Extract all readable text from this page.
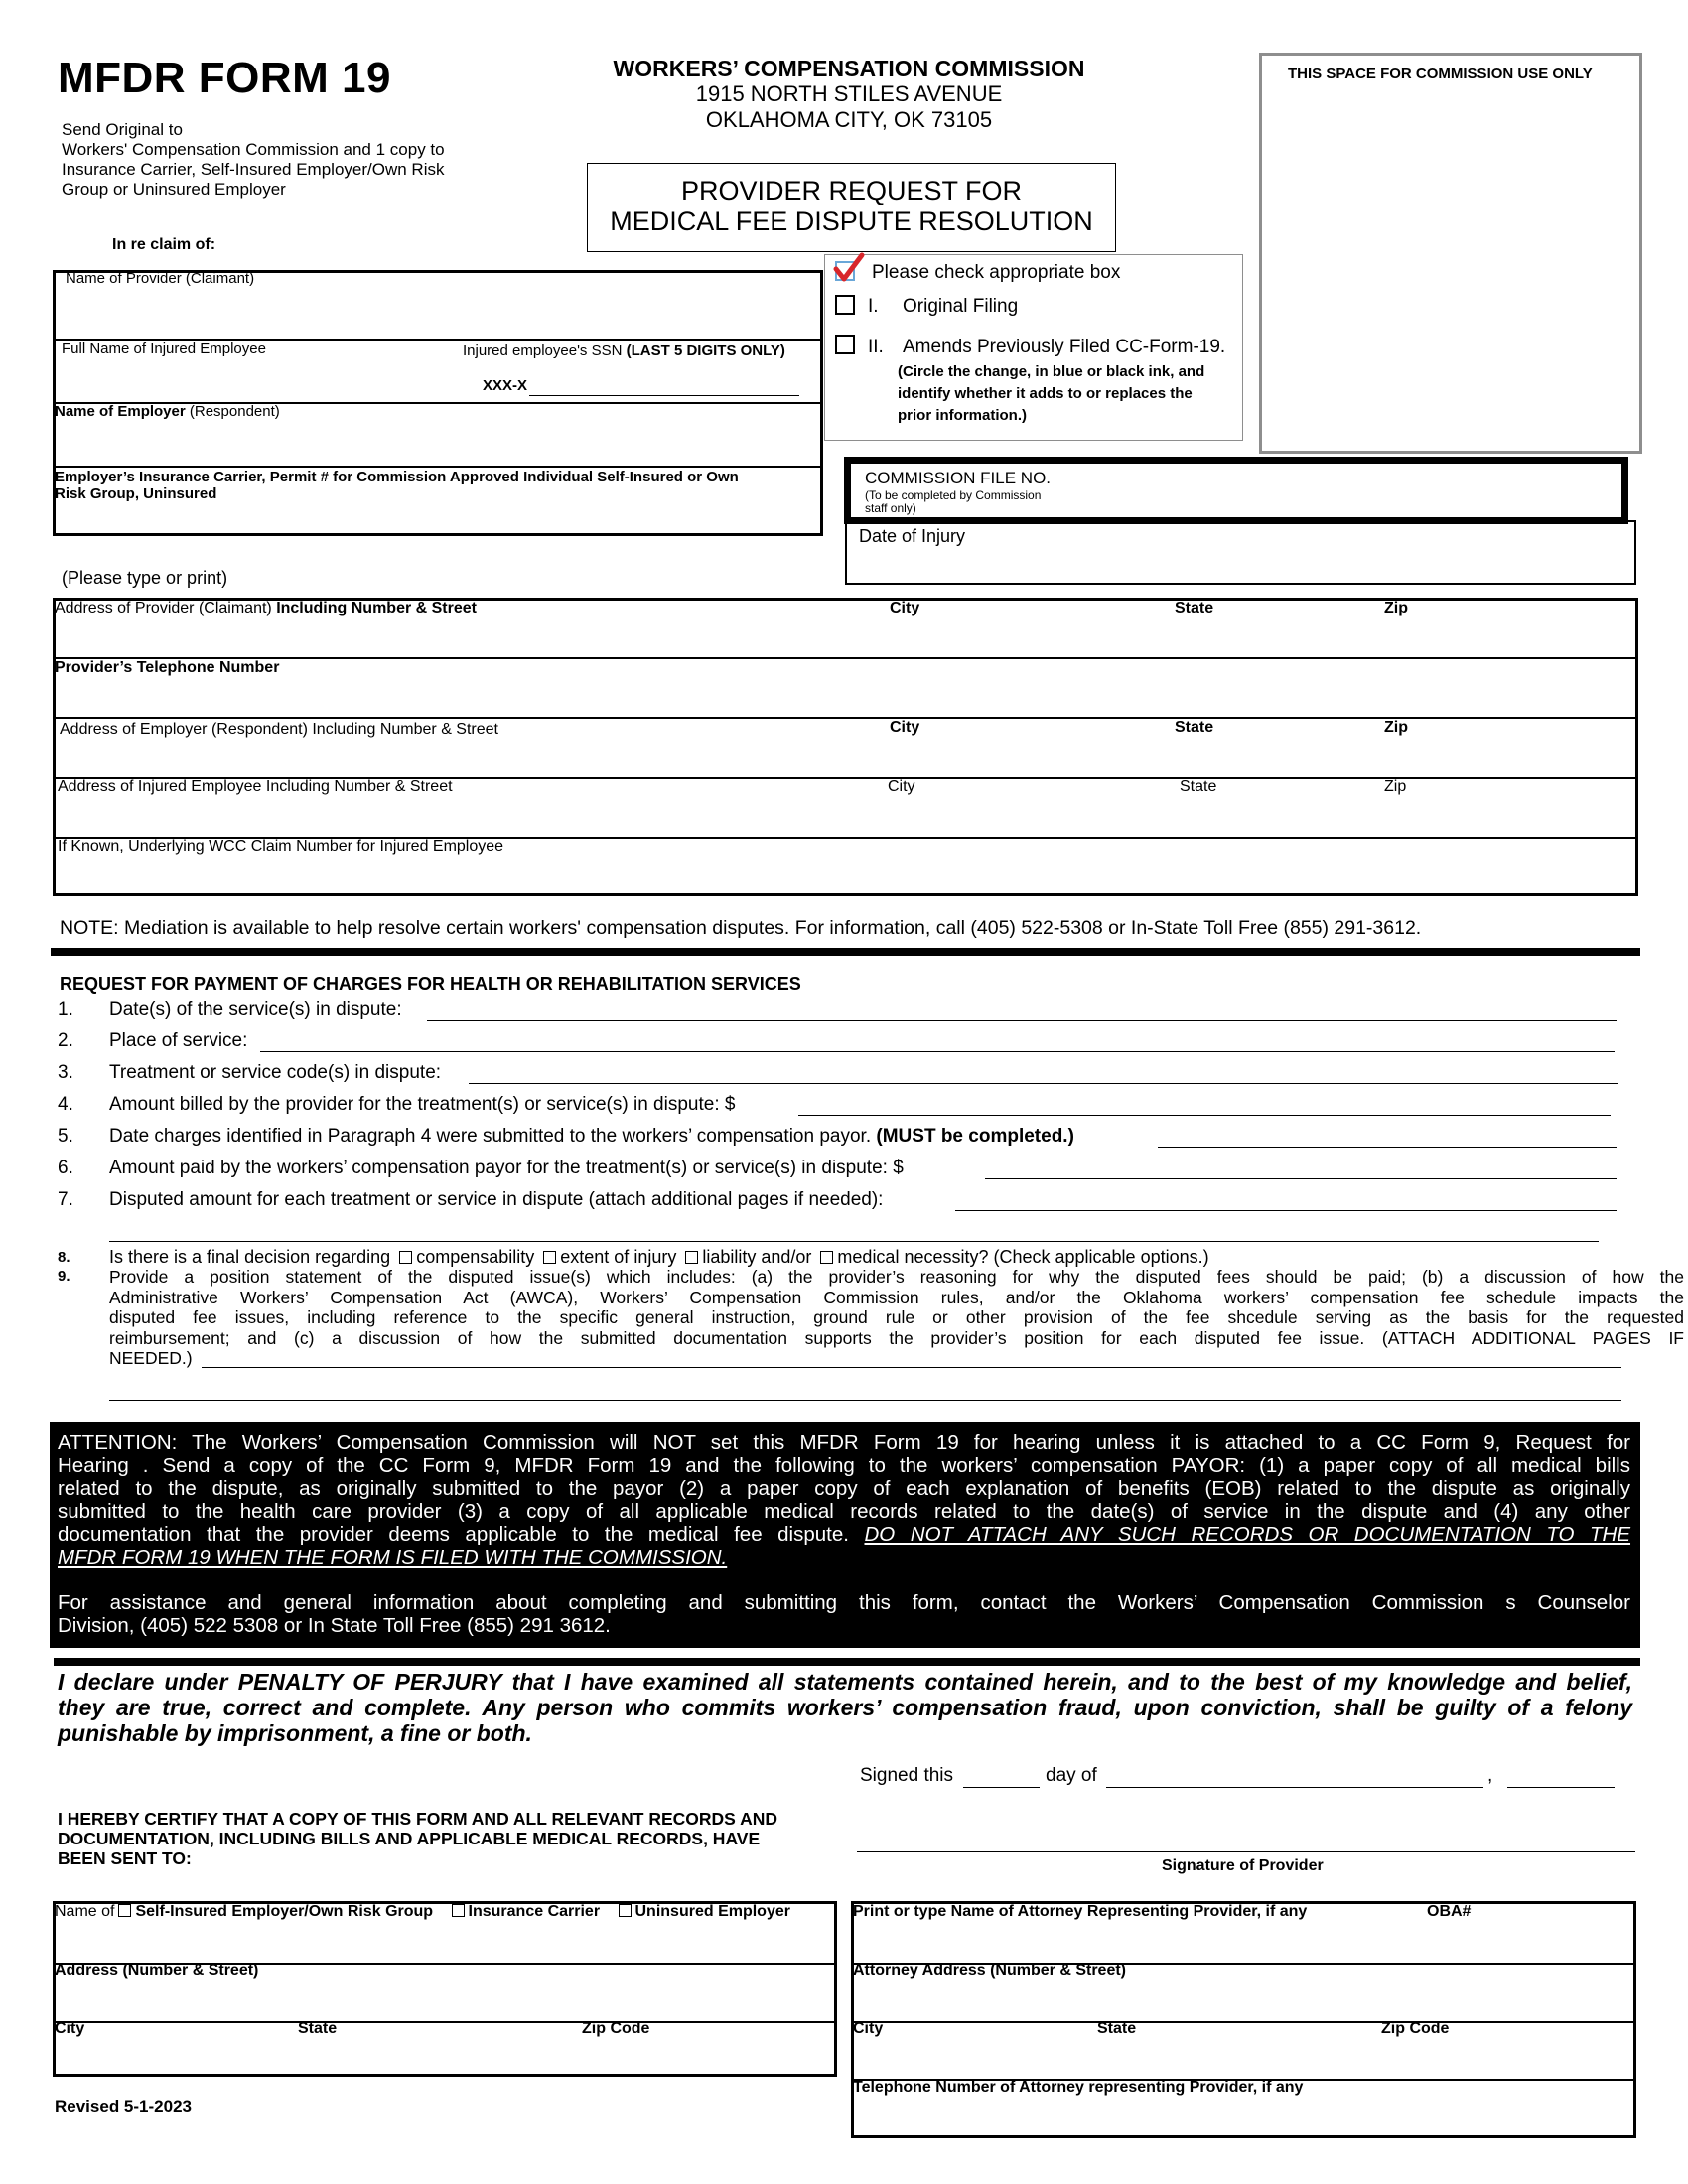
MFDR FORM 19
Send Original to
Workers' Compensation Commission and 1 copy to
Insurance Carrier, Self-Insured Employer/Own Risk
Group or Uninsured Employer
WORKERS’ COMPENSATION COMMISSION
1915 NORTH STILES AVENUE
OKLAHOMA CITY, OK 73105
PROVIDER REQUEST FOR
MEDICAL FEE DISPUTE RESOLUTION
THIS SPACE FOR COMMISSION USE ONLY
In re claim of:
Name of Provider (Claimant)
Full Name of Injured Employee	Injured employee's SSN (LAST 5 DIGITS ONLY)
XXX-X
Name of Employer (Respondent)
Employer’s Insurance Carrier, Permit # for Commission Approved Individual Self-Insured or Own
Risk Group, Uninsured
Please check appropriate box
I. Original Filing
II. Amends Previously Filed CC-Form-19.
(Circle the change, in blue or black ink, and
identify whether it adds to or replaces the
prior information.)
COMMISSION FILE NO.
(To be completed by Commission
staff only)
Date of Injury
(Please type or print)
Address of Provider (Claimant) Including Number & Street	City	State	Zip
Provider’s Telephone Number
Address of Employer (Respondent) Including Number & Street	City	State	Zip
Address of Injured Employee Including Number & Street	City	State	Zip
If Known, Underlying WCC Claim Number for Injured Employee
NOTE: Mediation is available to help resolve certain workers' compensation disputes. For information, call (405) 522-5308 or In-State Toll Free (855) 291-3612.
REQUEST FOR PAYMENT OF CHARGES FOR HEALTH OR REHABILITATION SERVICES
1. Date(s) of the service(s) in dispute:
2. Place of service:
3. Treatment or service code(s) in dispute:
4. Amount billed by the provider for the treatment(s) or service(s) in dispute: $
5. Date charges identified in Paragraph 4 were submitted to the workers’ compensation payor. (MUST be completed.)
6. Amount paid by the workers’ compensation payor for the treatment(s) or service(s) in dispute: $
7. Disputed amount for each treatment or service in dispute (attach additional pages if needed):
8. Is there is a final decision regarding compensability extent of injury liability and/or medical necessity? (Check applicable options.)
9. Provide a position statement of the disputed issue(s) which includes: (a) the provider’s reasoning for why the disputed fees should be paid; (b) a discussion of how the
Administrative Workers’ Compensation Act (AWCA), Workers’ Compensation Commission rules, and/or the Oklahoma workers’ compensation fee schedule impacts the
disputed fee issues, including reference to the specific general instruction, ground rule or other provision of the fee shcedule serving as the basis for the requested
reimbursement; and (c) a discussion of how the submitted documentation supports the provider’s position for each disputed fee issue. (ATTACH ADDITIONAL PAGES IF
NEEDED.)
ATTENTION: The Workers’ Compensation Commission will NOT set this MFDR Form 19 for hearing unless it is attached to a CC Form 9, Request for
Hearing . Send a copy of the CC Form 9, MFDR Form 19 and the following to the workers’ compensation PAYOR: (1) a paper copy of all medical bills
related to the dispute, as originally submitted to the payor (2) a paper copy of each explanation of benefits (EOB) related to the dispute as originally
submitted to the health care provider (3) a copy of all applicable medical records related to the date(s) of service in the dispute and (4) any other
documentation that the provider deems applicable to the medical fee dispute. DO NOT ATTACH ANY SUCH RECORDS OR DOCUMENTATION TO THE
MFDR FORM 19 WHEN THE FORM IS FILED WITH THE COMMISSION.
For assistance and general information about completing and submitting this form, contact the Workers’ Compensation Commission s Counselor
Division, (405) 522 5308 or In State Toll Free (855) 291 3612.
I declare under PENALTY OF PERJURY that I have examined all statements contained herein, and to the best of my knowledge and belief,
they are true, correct and complete. Any person who commits workers’ compensation fraud, upon conviction, shall be guilty of a felony
punishable by imprisonment, a fine or both.
Signed this	day of	,
Signature of Provider
I HEREBY CERTIFY THAT A COPY OF THIS FORM AND ALL RELEVANT RECORDS AND
DOCUMENTATION, INCLUDING BILLS AND APPLICABLE MEDICAL RECORDS, HAVE
BEEN SENT TO:
Name of Self-Insured Employer/Own Risk Group Insurance Carrier Uninsured Employer
Address (Number & Street)
City	State	Zip Code
Print or type Name of Attorney Representing Provider, if any	OBA#
Attorney Address (Number & Street)
City	State	Zip Code
Telephone Number of Attorney representing Provider, if any
Revised 5-1-2023
